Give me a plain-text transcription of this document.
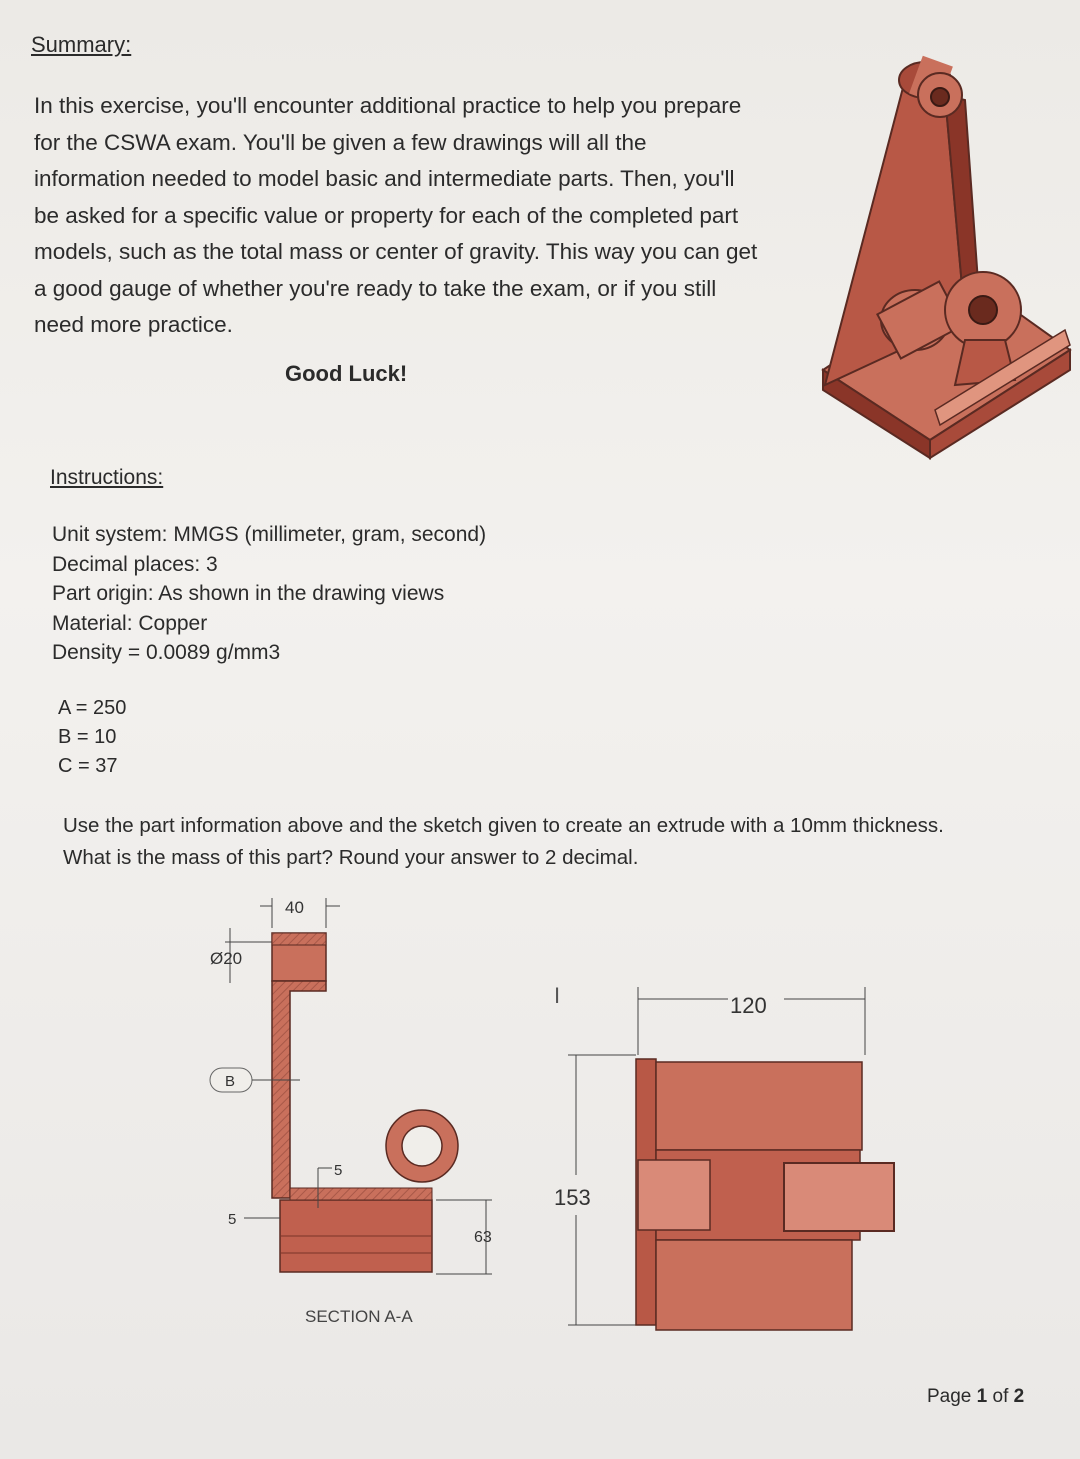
Summary:
In this exercise, you'll encounter additional practice to help you prepare
for the CSWA exam. You'll be given a few drawings will all the
information needed to model basic and intermediate parts. Then, you'll
be asked for a specific value or property for each of the completed part
models, such as the total mass or center of gravity. This way you can get
a good gauge of whether you're ready to take the exam, or if you still
need more practice.
Good Luck!
Instructions:
Unit system: MMGS (millimeter, gram, second)
Decimal places: 3
Part origin: As shown in the drawing views
Material: Copper
Density = 0.0089 g/mm3
A = 250
B = 10
C = 37
Use the part information above and the sketch given to create an extrude with a 10mm thickness.
What is the mass of this part? Round your answer to 2 decimal.
40
Ø20
B
5
5
63
SECTION A-A
120
I
153
Page 1 of 2
